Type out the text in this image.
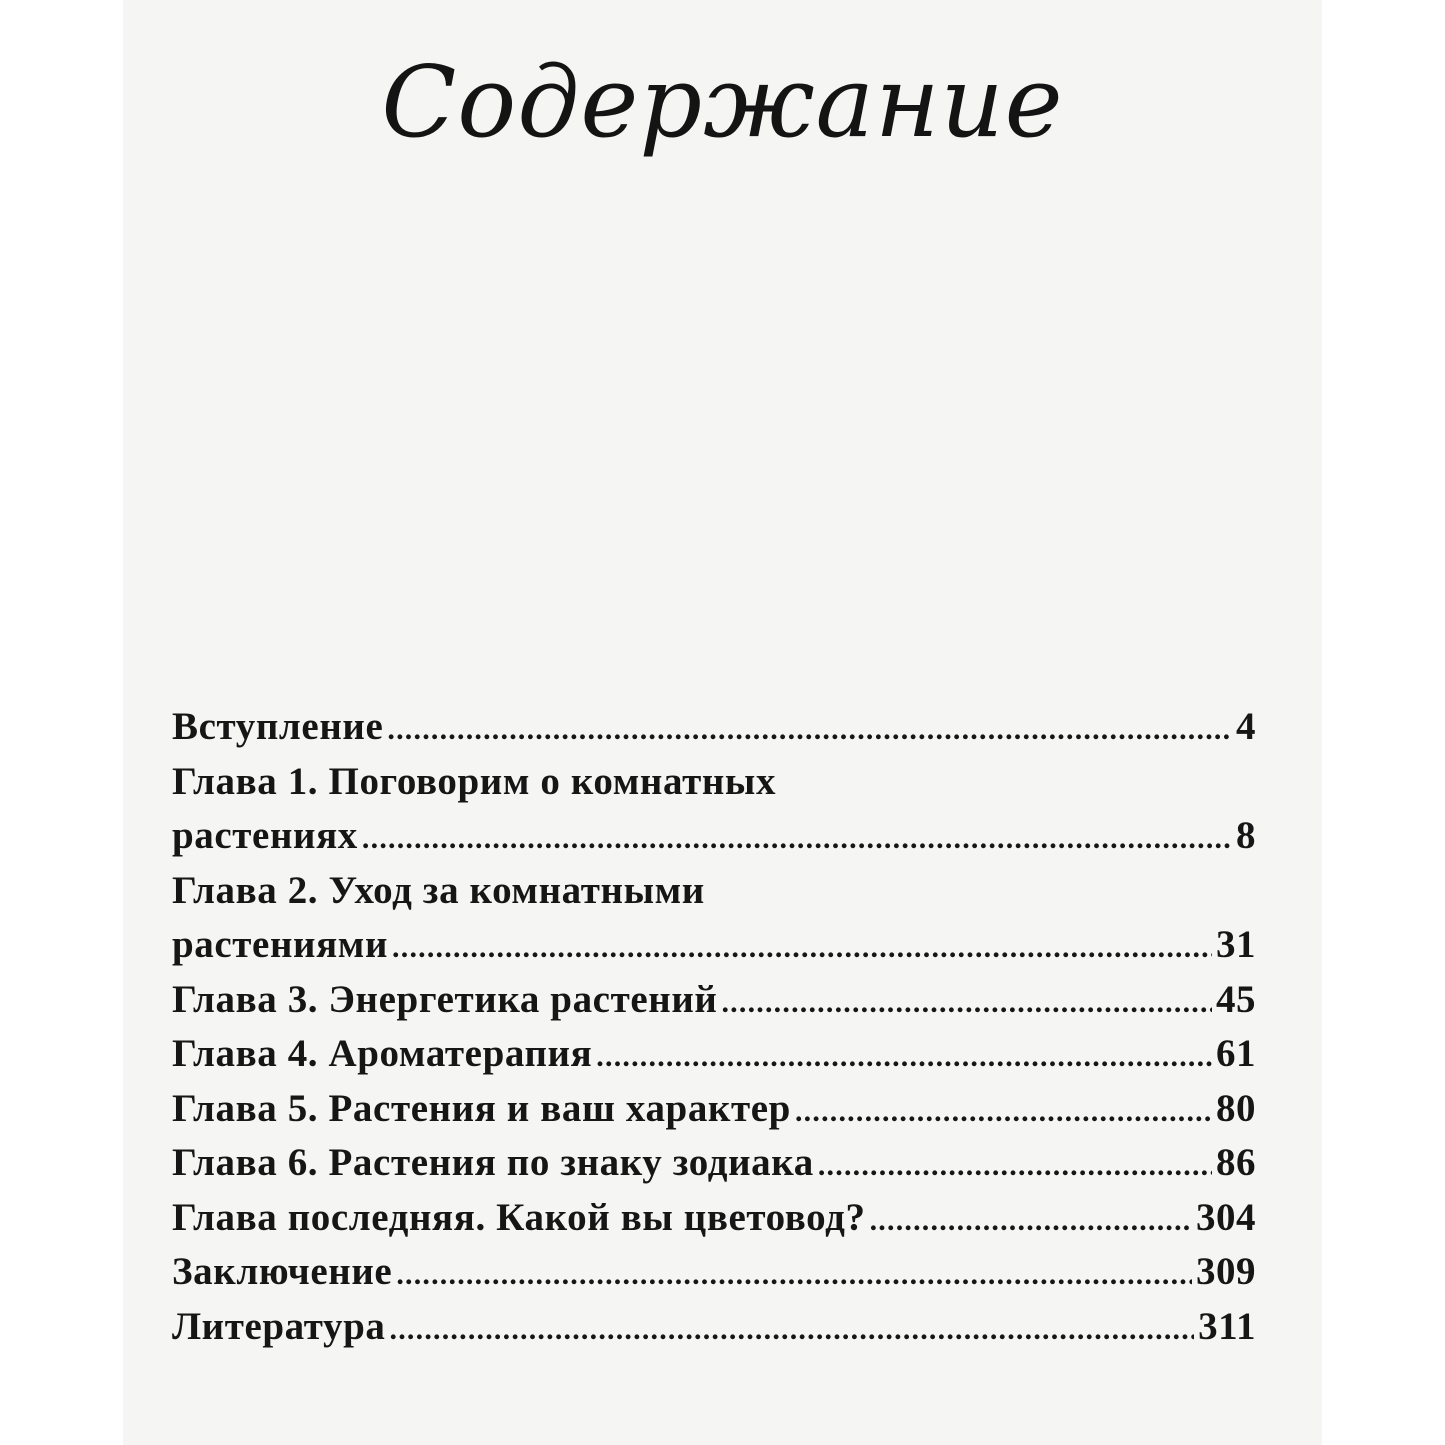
Содержание
Вступление .....	4
Глава 1. Поговорим о комнатных
растениях .....	8
Глава 2. Уход за комнатными
растениями .....	31
Глава 3. Энергетика растений .....	45
Глава 4. Ароматерапия .....	61
Глава 5. Растения и ваш характер .....	80
Глава 6. Растения по знаку зодиака .....	86
Глава последняя. Какой вы цветовод? .....	304
Заключение .....	309
Литература .....	311
